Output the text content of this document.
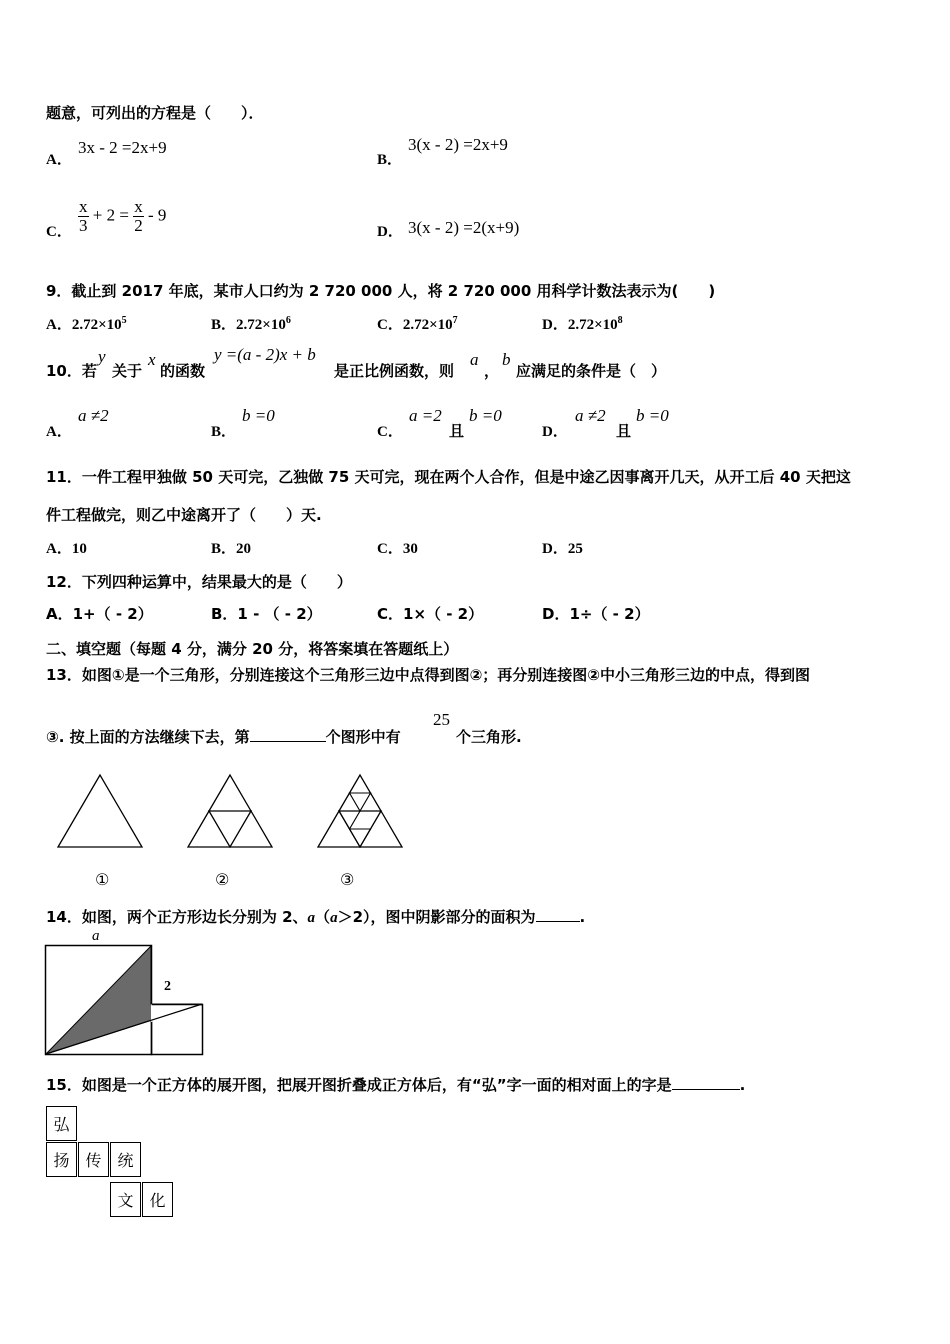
题意，可列出的方程是（　　）．
A．
3x - 2 =2x+9
B．
3(x - 2) =2x+9
C． $\frac{x}{3} + 2 = \frac{x}{2} - 9$
D． 3(x - 2) =2(x+9)
9．截止到 2017 年底，某市人口约为 2 720 000 人，将 2 720 000 用科学计数法表示为(　　)
A．$2.72\times 10^5$	B．$2.72\times 10^6$	C．$2.72\times 10^7$	D．$2.72\times 10^8$
10．若
y
关于
x
的函数
y =(a - 2)x + b
是正比例函数，则
a
，
b
应满足的条件是（　）
A．
a ≠2
B．
b =0
C．
a =2
且
b =0
D．
a ≠2
且
b =0
11．一件工程甲独做 50 天可完，乙独做 75 天可完，现在两个人合作，但是中途乙因事离开几天，从开工后 40 天把这
件工程做完，则乙中途离开了（　　）天.
A．10	B．20	C．30	D．25
12．下列四种运算中，结果最大的是（　　）
A．1+（ - 2）	B．1 - （ - 2）	C．1×（ - 2）	D．1÷（ - 2）
二、填空题（每题 4 分，满分 20 分，将答案填在答题纸上）
13．如图①是一个三角形，分别连接这个三角形三边中点得到图②；再分别连接图②中小三角形三边的中点，得到图
③. 按上面的方法继续下去，第	个图形中有
25
个三角形.
①	②	③
14．如图，两个正方形边长分别为 2、a（a＞2），图中阴影部分的面积为	.
a
2
15．如图是一个正方体的展开图，把展开图折叠成正方体后，有“弘”字一面的相对面上的字是	.
弘
扬 传 统
文 化
